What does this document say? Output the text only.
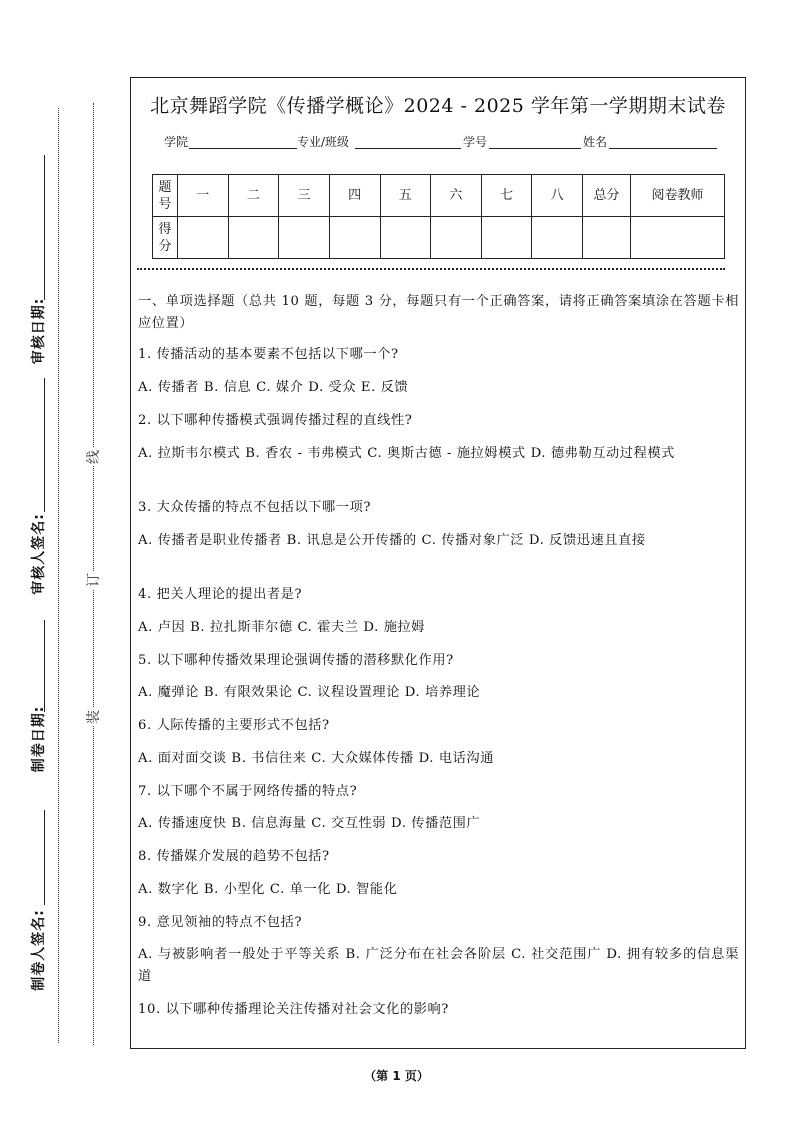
审核日期:
审核人签名:
制卷日期:
制卷人签名:
线
订
装
北京舞蹈学院《传播学概论》2024 - 2025 学年第一学期期末试卷
学院	专业/班级	学号	姓名
题号	一	二	三	四	五	六	七	八	总分	阅卷教师
得分										
一、单项选择题（总共 10 题，每题 3 分，每题只有一个正确答案，请将正确答案填涂在答题卡相应位置）
1. 传播活动的基本要素不包括以下哪一个?
A. 传播者 B. 信息 C. 媒介 D. 受众 E. 反馈
2. 以下哪种传播模式强调传播过程的直线性?
A. 拉斯韦尔模式 B. 香农 - 韦弗模式 C. 奥斯古德 - 施拉姆模式 D. 德弗勒互动过程模式
3. 大众传播的特点不包括以下哪一项?
A. 传播者是职业传播者 B. 讯息是公开传播的 C. 传播对象广泛 D. 反馈迅速且直接
4. 把关人理论的提出者是?
A. 卢因 B. 拉扎斯菲尔德 C. 霍夫兰 D. 施拉姆
5. 以下哪种传播效果理论强调传播的潜移默化作用?
A. 魔弹论 B. 有限效果论 C. 议程设置理论 D. 培养理论
6. 人际传播的主要形式不包括?
A. 面对面交谈 B. 书信往来 C. 大众媒体传播 D. 电话沟通
7. 以下哪个不属于网络传播的特点?
A. 传播速度快 B. 信息海量 C. 交互性弱 D. 传播范围广
8. 传播媒介发展的趋势不包括?
A. 数字化 B. 小型化 C. 单一化 D. 智能化
9. 意见领袖的特点不包括?
A. 与被影响者一般处于平等关系 B. 广泛分布在社会各阶层 C. 社交范围广 D. 拥有较多的信息渠道
10. 以下哪种传播理论关注传播对社会文化的影响?
（第 1 页）
